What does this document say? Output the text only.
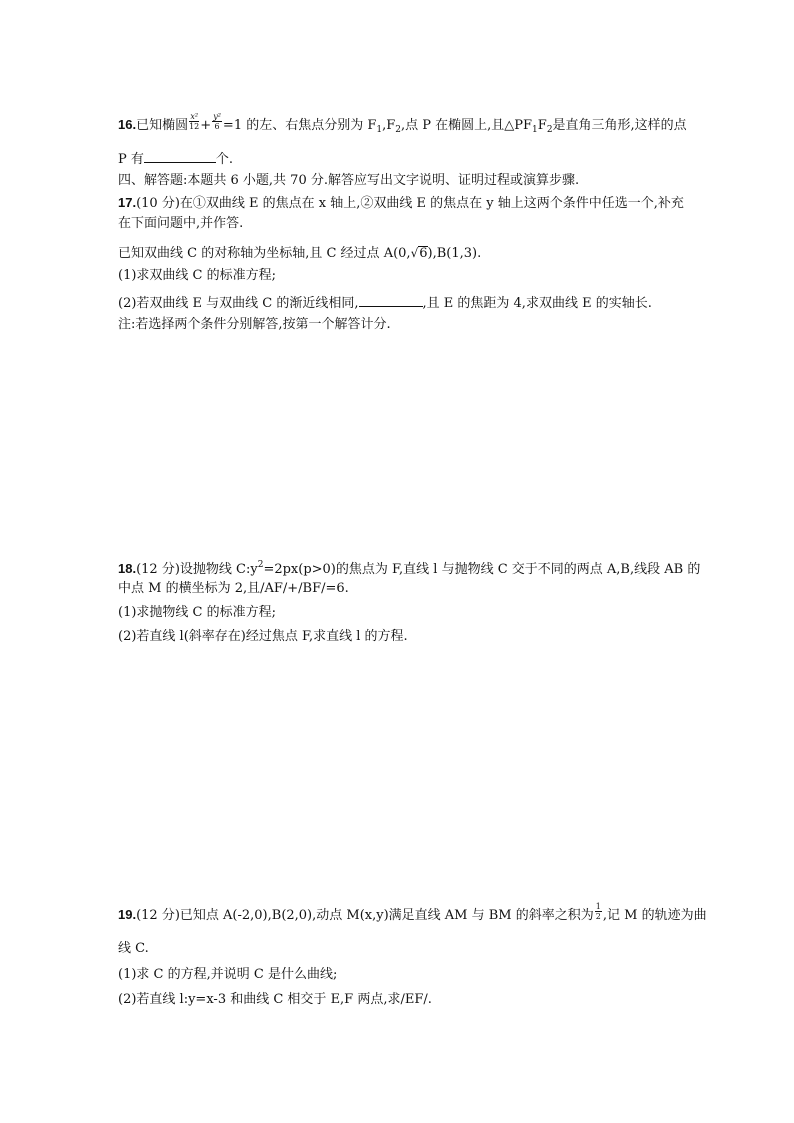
16.已知椭圆 $\frac{\text{x²}}{12} + \frac{\text{y²}}{6} =1$ 的左、右焦点分别为 $F_1,F_2$,点 P 在椭圆上,且$\triangle PF_1F_2$是直角三角形,这样的点
P 有	个.
四、解答题:本题共 6 小题,共 70 分.解答应写出文字说明、证明过程或演算步骤.
17.(10 分)在①双曲线 E 的焦点在 x 轴上,②双曲线 E 的焦点在 y 轴上这两个条件中任选一个,补充
在下面问题中,并作答.
已知双曲线 C 的对称轴为坐标轴,且 C 经过点 A(0,√6),B(1,3).
(1)求双曲线 C 的标准方程;
(2)若双曲线 E 与双曲线 C 的渐近线相同,	,且 E 的焦距为 4,求双曲线 E 的实轴长.
注:若选择两个条件分别解答,按第一个解答计分.
18.(12 分)设抛物线 $C:y^2=2px(p>0)$的焦点为 F,直线 l 与抛物线 C 交于不同的两点 A,B,线段 AB 的
中点 M 的横坐标为 2,且/AF/+/BF/=6.
(1)求抛物线 C 的标准方程;
(2)若直线 l(斜率存在)经过焦点 F,求直线 l 的方程.
19.(12 分)已知点 A(-2,0),B(2,0),动点 M(x,y)满足直线 AM 与 BM 的斜率之积为 $\frac{1}{2}$ ,记 M 的轨迹为曲
线 C.
(1)求 C 的方程,并说明 C 是什么曲线;
(2)若直线 l:y=x-3 和曲线 C 相交于 E,F 两点,求/EF/.
